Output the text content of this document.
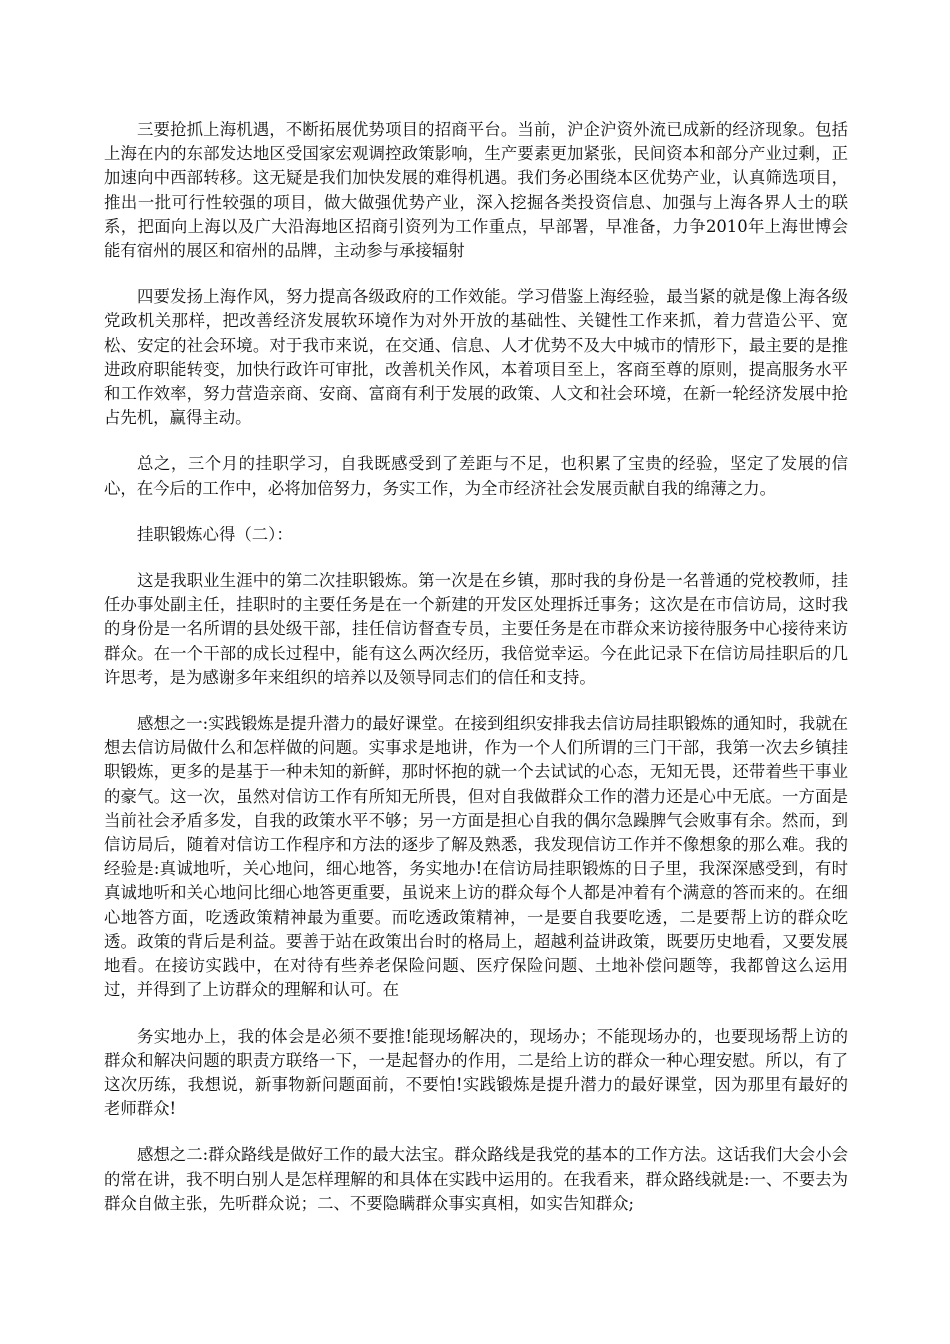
三要抢抓上海机遇，不断拓展优势项目的招商平台。当前，沪企沪资外流已成新的经济现象。包括上海在内的东部发达地区受国家宏观调控政策影响，生产要素更加紧张，民间资本和部分产业过剩，正加速向中西部转移。这无疑是我们加快发展的难得机遇。我们务必围绕本区优势产业，认真筛选项目，推出一批可行性较强的项目，做大做强优势产业，深入挖掘各类投资信息、加强与上海各界人士的联系，把面向上海以及广大沿海地区招商引资列为工作重点，早部署，早准备，力争2010年上海世博会能有宿州的展区和宿州的品牌，主动参与承接辐射

四要发扬上海作风，努力提高各级政府的工作效能。学习借鉴上海经验，最当紧的就是像上海各级党政机关那样，把改善经济发展软环境作为对外开放的基础性、关键性工作来抓，着力营造公平、宽松、安定的社会环境。对于我市来说，在交通、信息、人才优势不及大中城市的情形下，最主要的是推进政府职能转变，加快行政许可审批，改善机关作风，本着项目至上，客商至尊的原则，提高服务水平和工作效率，努力营造亲商、安商、富商有利于发展的政策、人文和社会环境，在新一轮经济发展中抢占先机，赢得主动。

总之，三个月的挂职学习，自我既感受到了差距与不足，也积累了宝贵的经验，坚定了发展的信心，在今后的工作中，必将加倍努力，务实工作，为全市经济社会发展贡献自我的绵薄之力。

挂职锻炼心得（二）：

这是我职业生涯中的第二次挂职锻炼。第一次是在乡镇，那时我的身份是一名普通的党校教师，挂任办事处副主任，挂职时的主要任务是在一个新建的开发区处理拆迁事务；这次是在市信访局，这时我的身份是一名所谓的县处级干部，挂任信访督查专员，主要任务是在市群众来访接待服务中心接待来访群众。在一个干部的成长过程中，能有这么两次经历，我倍觉幸运。今在此记录下在信访局挂职后的几许思考，是为感谢多年来组织的培养以及领导同志们的信任和支持。

感想之一:实践锻炼是提升潜力的最好课堂。在接到组织安排我去信访局挂职锻炼的通知时，我就在想去信访局做什么和怎样做的问题。实事求是地讲，作为一个人们所谓的三门干部，我第一次去乡镇挂职锻炼，更多的是基于一种未知的新鲜，那时怀抱的就一个去试试的心态，无知无畏，还带着些干事业的豪气。这一次，虽然对信访工作有所知无所畏，但对自我做群众工作的潜力还是心中无底。一方面是当前社会矛盾多发，自我的政策水平不够；另一方面是担心自我的偶尔急躁脾气会败事有余。然而，到信访局后，随着对信访工作程序和方法的逐步了解及熟悉，我发现信访工作并不像想象的那么难。我的经验是:真诚地听，关心地问，细心地答，务实地办!在信访局挂职锻炼的日子里，我深深感受到，有时真诚地听和关心地问比细心地答更重要，虽说来上访的群众每个人都是冲着有个满意的答而来的。在细心地答方面，吃透政策精神最为重要。而吃透政策精神，一是要自我要吃透，二是要帮上访的群众吃透。政策的背后是利益。要善于站在政策出台时的格局上，超越利益讲政策，既要历史地看，又要发展地看。在接访实践中，在对待有些养老保险问题、医疗保险问题、土地补偿问题等，我都曾这么运用过，并得到了上访群众的理解和认可。在

务实地办上，我的体会是必须不要推!能现场解决的，现场办；不能现场办的，也要现场帮上访的群众和解决问题的职责方联络一下，一是起督办的作用，二是给上访的群众一种心理安慰。所以，有了这次历练，我想说，新事物新问题面前，不要怕!实践锻炼是提升潜力的最好课堂，因为那里有最好的老师群众!

感想之二:群众路线是做好工作的最大法宝。群众路线是我党的基本的工作方法。这话我们大会小会的常在讲，我不明白别人是怎样理解的和具体在实践中运用的。在我看来，群众路线就是:一、不要去为群众自做主张，先听群众说；二、不要隐瞒群众事实真相，如实告知群众;
